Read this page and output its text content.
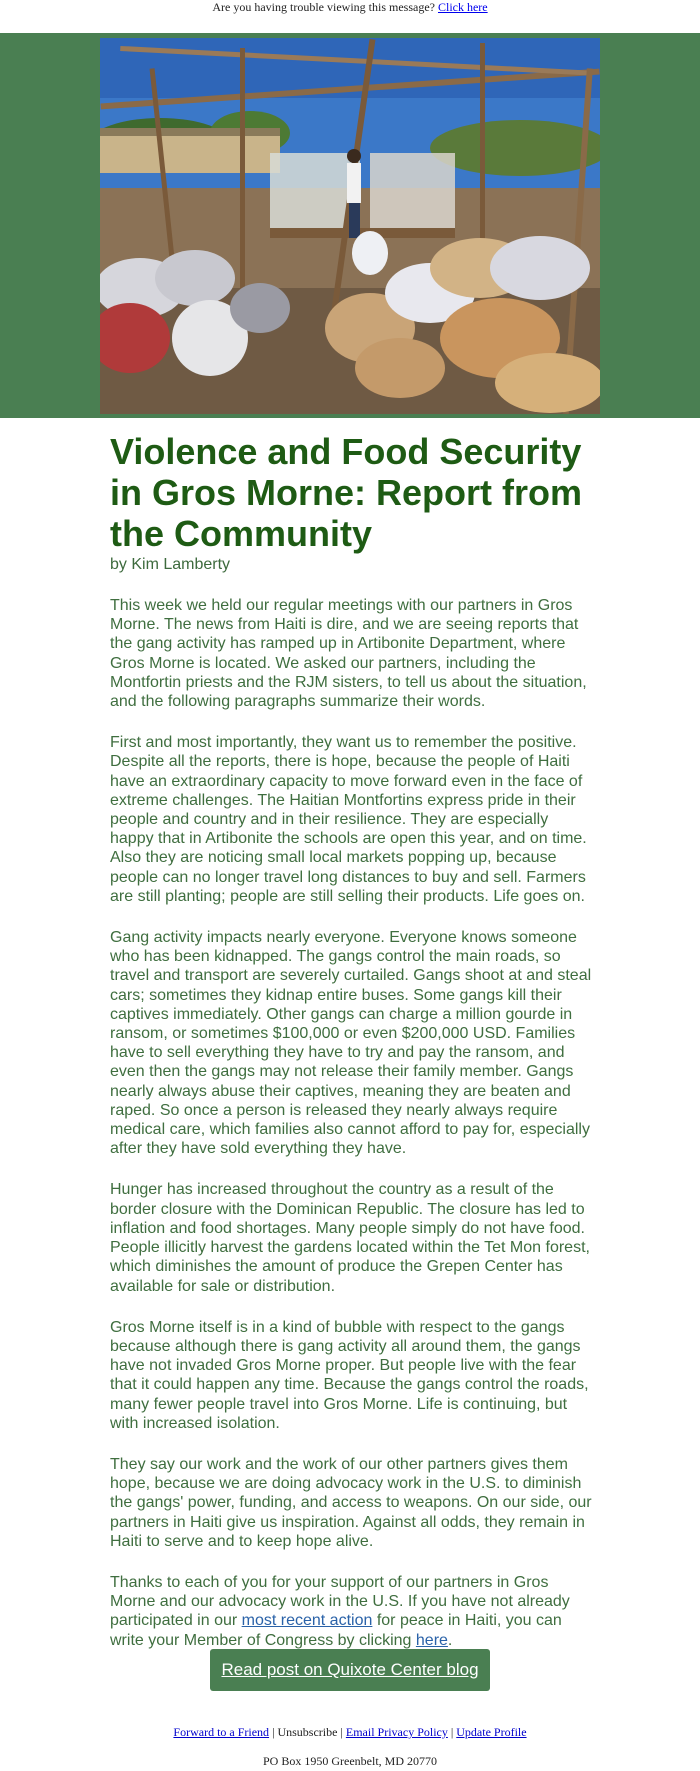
Are you having trouble viewing this message? Click here
Violence and Food Security in Gros Morne: Report from the Community
by Kim Lamberty

This week we held our regular meetings with our partners in Gros Morne. The news from Haiti is dire, and we are seeing reports that the gang activity has ramped up in Artibonite Department, where Gros Morne is located. We asked our partners, including the Montfortin priests and the RJM sisters, to tell us about the situation, and the following paragraphs summarize their words.

First and most importantly, they want us to remember the positive. Despite all the reports, there is hope, because the people of Haiti have an extraordinary capacity to move forward even in the face of extreme challenges. The Haitian Montfortins express pride in their people and country and in their resilience. They are especially happy that in Artibonite the schools are open this year, and on time. Also they are noticing small local markets popping up, because people can no longer travel long distances to buy and sell. Farmers are still planting; people are still selling their products. Life goes on.

Gang activity impacts nearly everyone. Everyone knows someone who has been kidnapped. The gangs control the main roads, so travel and transport are severely curtailed. Gangs shoot at and steal cars; sometimes they kidnap entire buses. Some gangs kill their captives immediately. Other gangs can charge a million gourde in ransom, or sometimes $100,000 or even $200,000 USD. Families have to sell everything they have to try and pay the ransom, and even then the gangs may not release their family member. Gangs nearly always abuse their captives, meaning they are beaten and raped. So once a person is released they nearly always require medical care, which families also cannot afford to pay for, especially after they have sold everything they have.

Hunger has increased throughout the country as a result of the border closure with the Dominican Republic. The closure has led to inflation and food shortages. Many people simply do not have food. People illicitly harvest the gardens located within the Tet Mon forest, which diminishes the amount of produce the Grepen Center has available for sale or distribution.

Gros Morne itself is in a kind of bubble with respect to the gangs because although there is gang activity all around them, the gangs have not invaded Gros Morne proper. But people live with the fear that it could happen any time. Because the gangs control the roads, many fewer people travel into Gros Morne. Life is continuing, but with increased isolation.

They say our work and the work of our other partners gives them hope, because we are doing advocacy work in the U.S. to diminish the gangs' power, funding, and access to weapons. On our side, our partners in Haiti give us inspiration. Against all odds, they remain in Haiti to serve and to keep hope alive.

Thanks to each of you for your support of our partners in Gros Morne and our advocacy work in the U.S. If you have not already participated in our most recent action for peace in Haiti, you can write your Member of Congress by clicking here.

Read post on Quixote Center blog
Forward to a Friend | Unsubscribe | Email Privacy Policy | Update Profile
PO Box 1950 Greenbelt, MD 20770
